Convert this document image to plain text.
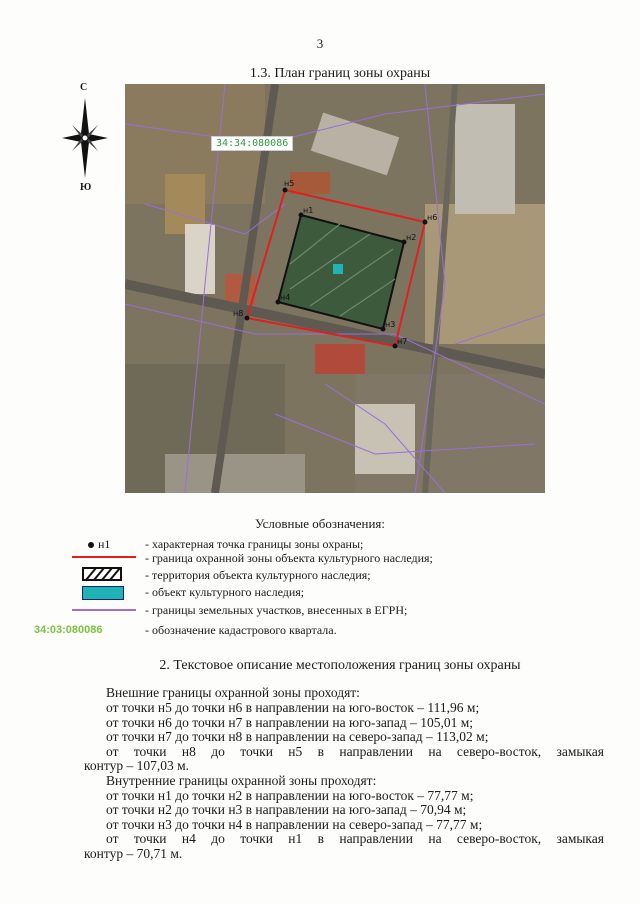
3
1.3. План границ зоны охраны
С
Ю
н1
н2
н3
н4
н5
н6
н7
н8
34:34:080086
Условные обозначения:
н1	- характерная точка границы зоны охраны;
- граница охранной зоны объекта культурного наследия;
- территория объекта культурного наследия;
- объект культурного наследия;
- границы земельных участков, внесенных в ЕГРН;
34:03:080086	- обозначение кадастрового квартала.
2. Текстовое описание местоположения границ зоны охраны
Внешние границы охранной зоны проходят:
от точки н5 до точки н6 в направлении на юго-восток – 111,96 м;
от точки н6 до точки н7 в направлении на юго-запад – 105,01 м;
от точки н7 до точки н8 в направлении на северо-запад – 113,02 м;
от точки н8 до точки н5 в направлении на северо-восток, замыкая
контур – 107,03 м.
Внутренние границы охранной зоны проходят:
от точки н1 до точки н2 в направлении на юго-восток – 77,77 м;
от точки н2 до точки н3 в направлении на юго-запад – 70,94 м;
от точки н3 до точки н4 в направлении на северо-запад – 77,77 м;
от точки н4 до точки н1 в направлении на северо-восток, замыкая
контур – 70,71 м.
